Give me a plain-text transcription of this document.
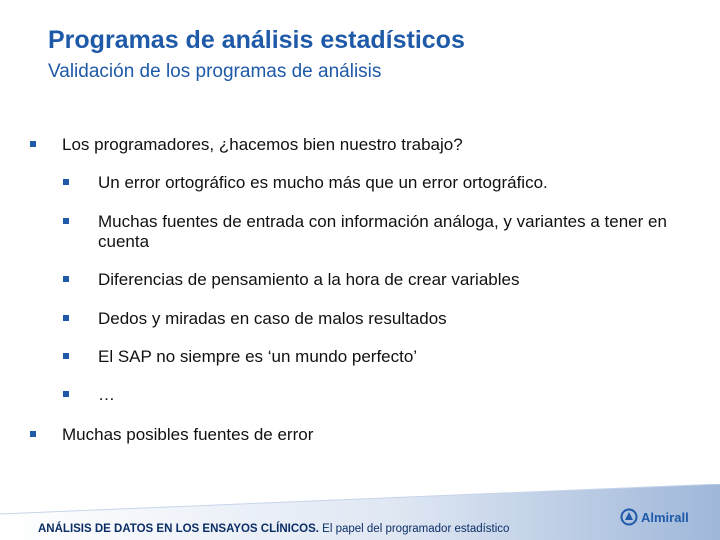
Programas de análisis estadísticos
Validación de los programas de análisis
Los programadores, ¿hacemos bien nuestro trabajo?
Un error ortográfico es mucho más que un error ortográfico.
Muchas fuentes de entrada con información análoga, y variantes a tener en
cuenta
Diferencias de pensamiento a la hora de crear variables
Dedos y miradas en caso de malos resultados
El SAP no siempre es ‘un mundo perfecto’
…
Muchas posibles fuentes de error
ANÁLISIS DE DATOS EN LOS ENSAYOS CLÍNICOS. El papel del programador estadístico
Almirall
